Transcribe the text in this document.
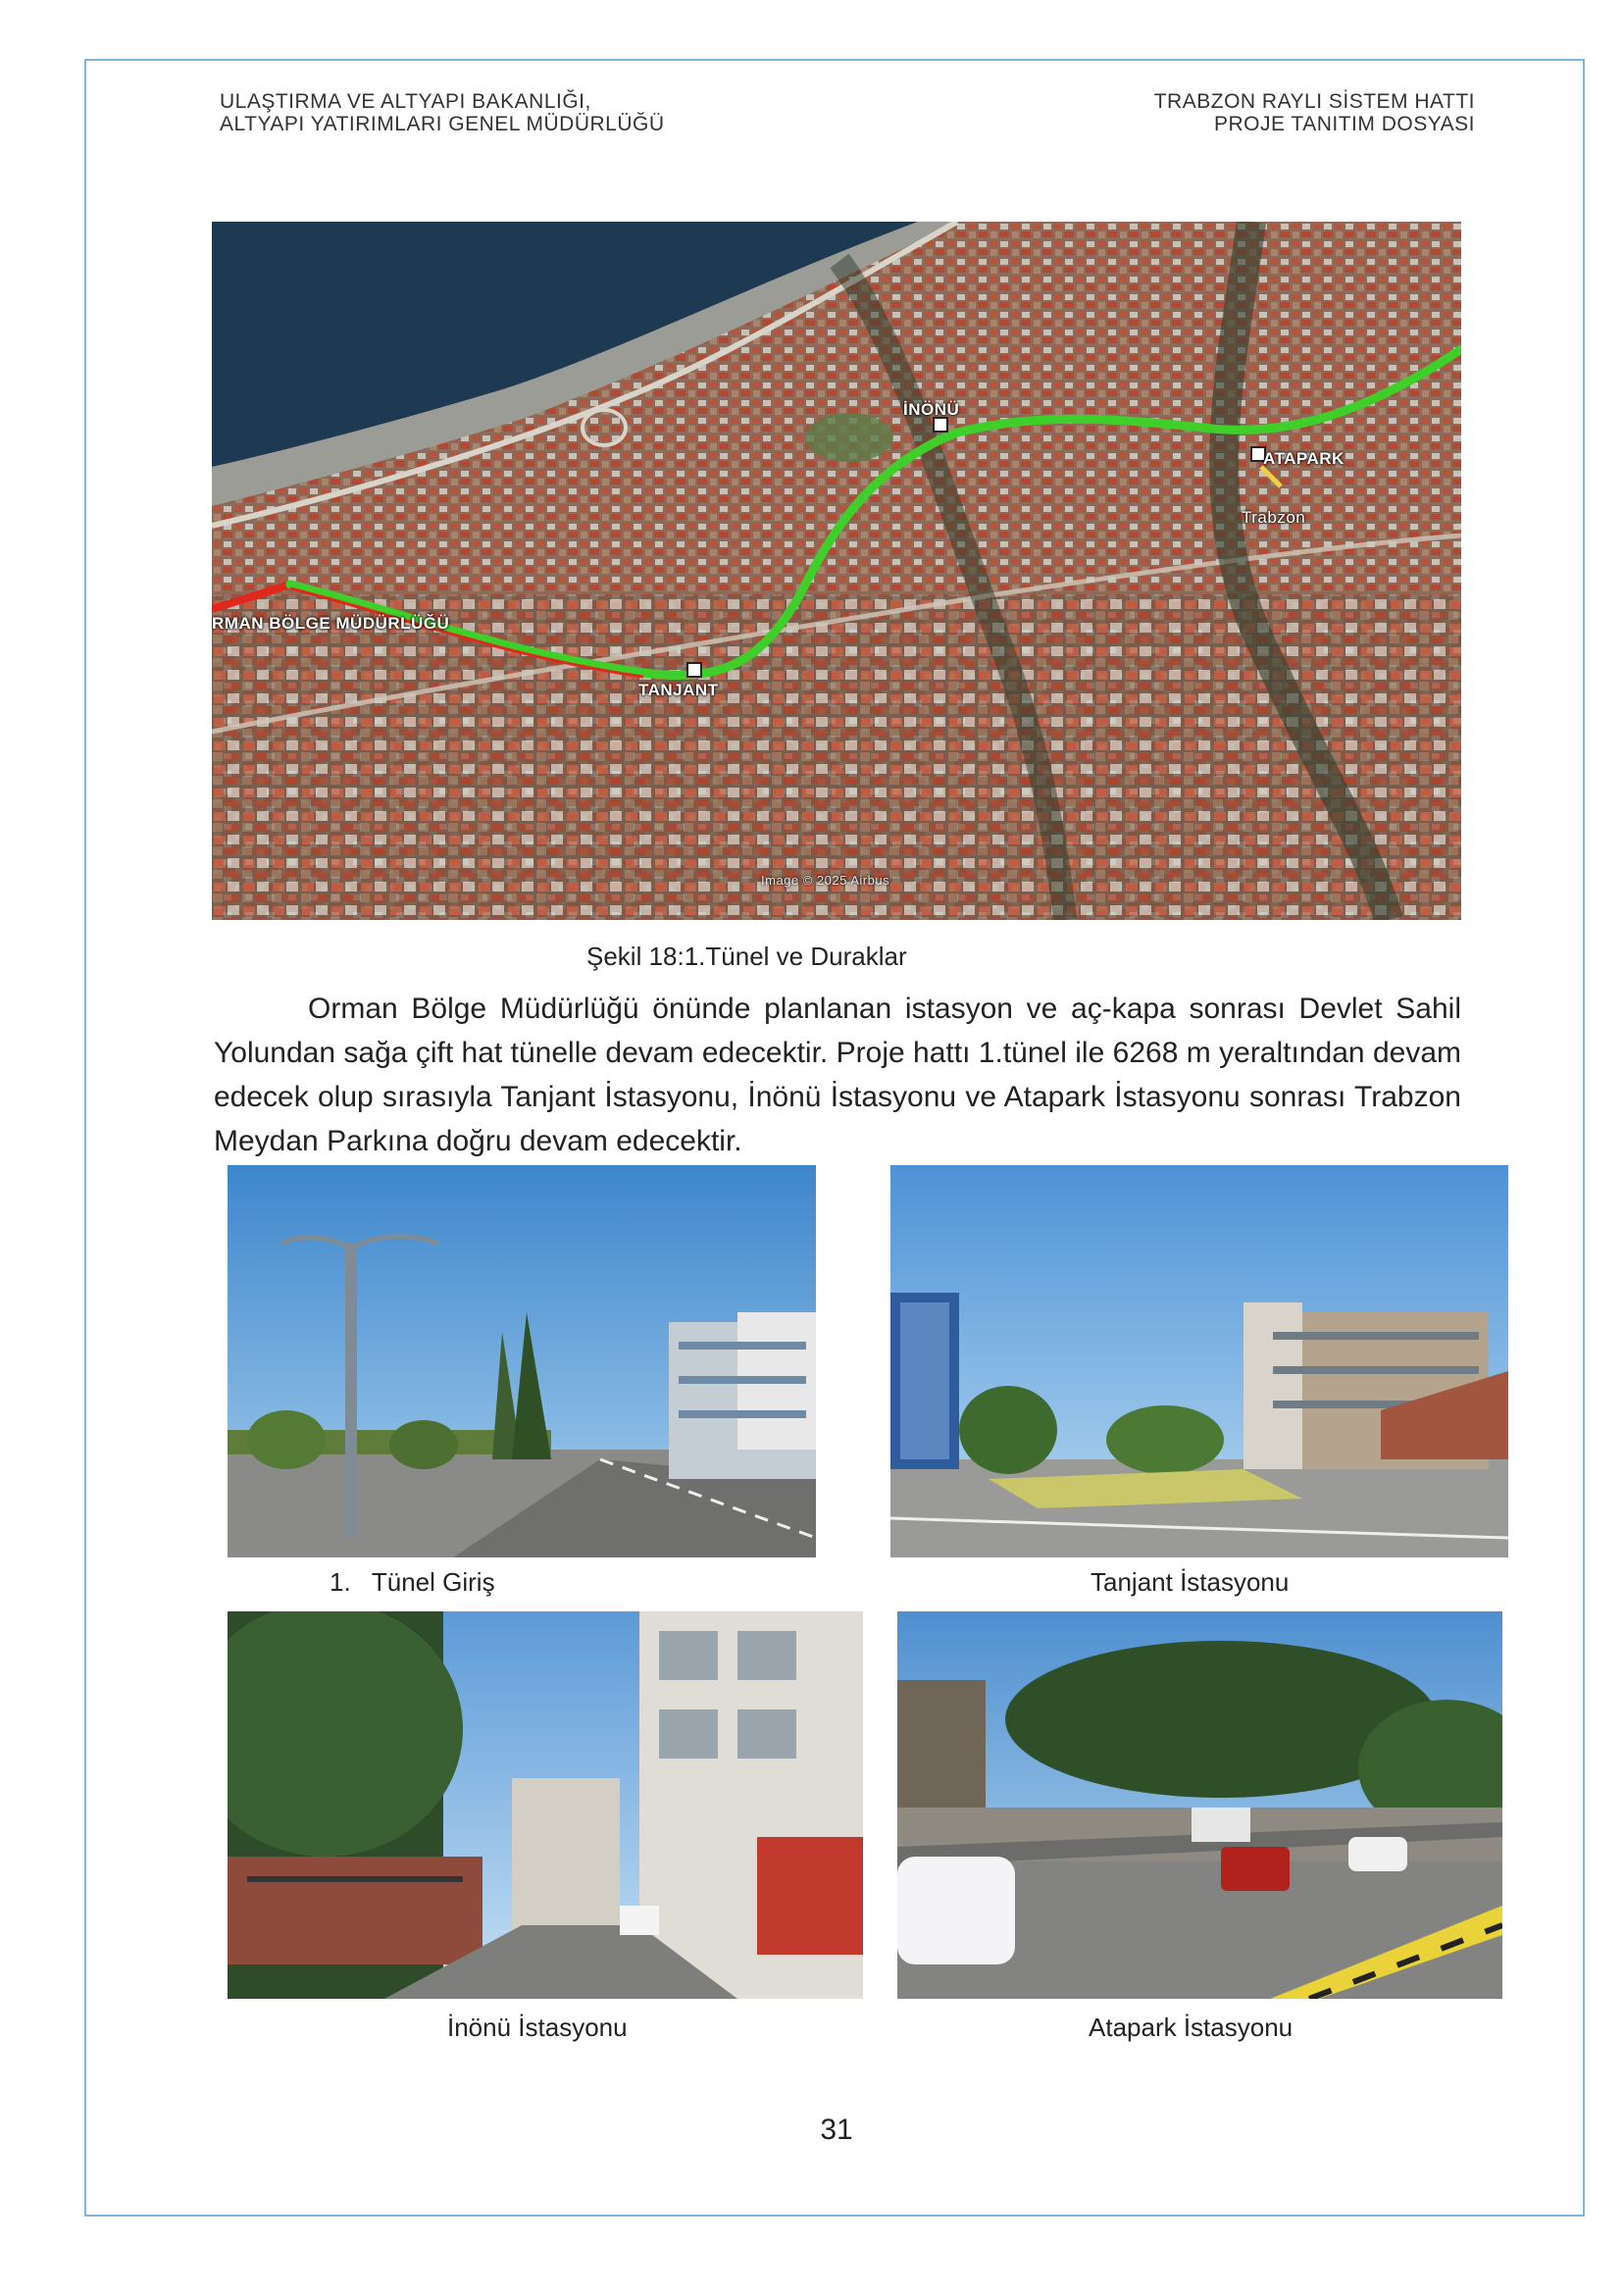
ULAŞTIRMA VE ALTYAPI BAKANLIĞI,
ALTYAPI YATIRIMLARI GENEL MÜDÜRLÜĞÜ
TRABZON RAYLI SİSTEM HATTI
PROJE TANITIM DOSYASI
RMAN BÖLGE MÜDÜRLÜĞÜ
TANJANT
İNÖNÜ
ATAPARK
Trabzon
Image © 2025 Airbus
Şekil 18:1.Tünel ve Duraklar

Orman Bölge Müdürlüğü önünde planlanan istasyon ve aç-kapa sonrası Devlet Sahil Yolundan sağa çift hat tünelle devam edecektir. Proje hattı 1.tünel ile 6268 m yeraltından devam edecek olup sırasıyla Tanjant İstasyonu, İnönü İstasyonu ve Atapark İstasyonu sonrası Trabzon Meydan Parkına doğru devam edecektir.

1.   Tünel Giriş	Tanjant İstasyonu
İnönü İstasyonu	Atapark İstasyonu
31
